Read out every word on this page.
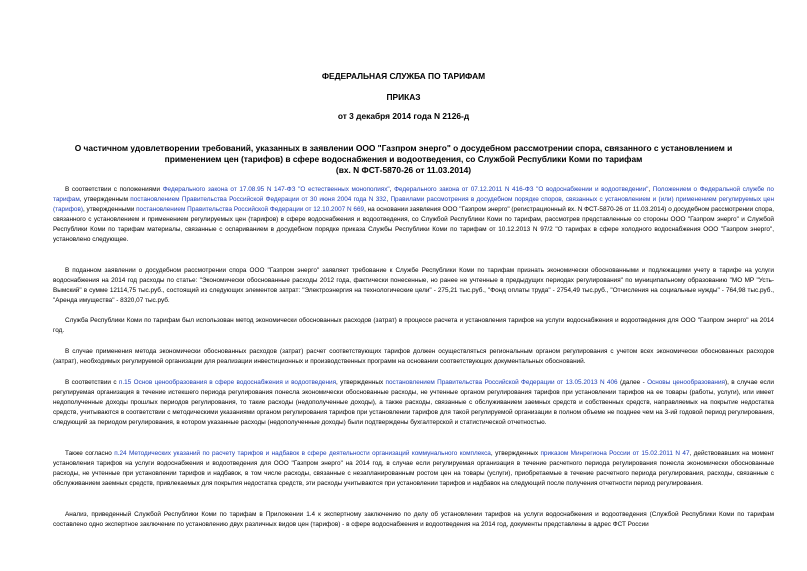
ФЕДЕРАЛЬНАЯ СЛУЖБА ПО ТАРИФАМ
ПРИКАЗ
от 3 декабря 2014 года N 2126-д
О частичном удовлетворении требований, указанных в заявлении ООО "Газпром энерго" о досудебном рассмотрении спора, связанного с установлением и
применением цен (тарифов) в сфере водоснабжения и водоотведения, со Службой Республики Коми по тарифам
(вх. N ФСТ-5870-26 от 11.03.2014)
В соответствии с положениями Федерального закона от 17.08.95 N 147-ФЗ "О естественных монополиях", Федерального закона от 07.12.2011 N 416-ФЗ "О водоснабжении и водоотведении", Положением о Федеральной службе по тарифам, утвержденным постановлением Правительства Российской Федерации от 30 июня 2004 года N 332, Правилами рассмотрения в досудебном порядке споров, связанных с установлением и (или) применением регулируемых цен (тарифов), утвержденными постановлением Правительства Российской Федерации от 12.10.2007 N 669, на основании заявления ООО "Газпром энерго" (регистрационный вх. N ФСТ-5870-26 от 11.03.2014) о досудебном рассмотрении спора, связанного с установлением и применением регулируемых цен (тарифов) в сфере водоснабжения и водоотведения, со Службой Республики Коми по тарифам, рассмотрев представленные со стороны ООО "Газпром энерго" и Службой Республики Коми по тарифам материалы, связанные с оспариванием в досудебном порядке приказа Службы Республики Коми по тарифам от 10.12.2013 N 97/2 "О тарифах в сфере холодного водоснабжения ООО "Газпром энерго", установлено следующее.
В поданном заявлении о досудебном рассмотрении спора ООО "Газпром энерго" заявляет требование к Службе Республики Коми по тарифам признать экономически обоснованными и подлежащими учету в тарифе на услуги водоснабжения на 2014 год расходы по статье: "Экономически обоснованные расходы 2012 года, фактически понесенные, но ранее не учтенные в предыдущих периодах регулирования" по муниципальному образованию "МО МР "Усть-Вымский" в сумме 12114,75 тыс.руб., состоящий из следующих элементов затрат: "Электроэнергия на технологические цели" - 275,21 тыс.руб., "Фонд оплаты труда" - 2754,49 тыс.руб., "Отчисления на социальные нужды" - 764,98 тыс.руб., "Аренда имущества" - 8320,07 тыс.руб.
Служба Республики Коми по тарифам был использован метод экономически обоснованных расходов (затрат) в процессе расчета и установления тарифов на услуги водоснабжения и водоотведения для ООО "Газпром энерго" на 2014 год.
В случае применения метода экономически обоснованных расходов (затрат) расчет соответствующих тарифов должен осуществляться региональным органом регулирования с учетом всех экономически обоснованных расходов (затрат), необходимых регулируемой организации для реализации инвестиционных и производственных программ на основании соответствующих документальных обоснований.
В соответствии с п.15 Основ ценообразования в сфере водоснабжения и водоотведения, утвержденных постановлением Правительства Российской Федерации от 13.05.2013 N 406 (далее - Основы ценообразования), в случае если регулируемая организация в течение истекшего периода регулирования понесла экономически обоснованные расходы, не учтенные органом регулирования тарифов при установлении тарифов на ее товары (работы, услуги), или имеет недополученные доходы прошлых периодов регулирования, то такие расходы (недополученные доходы), а также расходы, связанные с обслуживанием заемных средств и собственных средств, направляемых на покрытие недостатка средств, учитываются в соответствии с методическими указаниями органом регулирования тарифов при установлении тарифов для такой регулируемой организации в полном объеме не позднее чем на 3-ий годовой период регулирования, следующий за периодом регулирования, в котором указанные расходы (недополученные доходы) были подтверждены бухгалтерской и статистической отчетностью.
Также согласно п.24 Методических указаний по расчету тарифов и надбавок в сфере деятельности организаций коммунального комплекса, утвержденных приказом Минрегиона России от 15.02.2011 N 47, действовавших на момент установления тарифов на услуги водоснабжения и водоотведения для ООО "Газпром энерго" на 2014 год, в случае если регулируемая организация в течение расчетного периода регулирования понесла экономически обоснованные расходы, не учтенные при установлении тарифов и надбавок, в том числе расходы, связанные с незапланированным ростом цен на товары (услуги), приобретаемые в течение расчетного периода регулирования, расходы, связанные с обслуживанием заемных средств, привлекаемых для покрытия недостатка средств, эти расходы учитываются при установлении тарифов и надбавок на следующий после получения отчетности период регулирования.
Анализ, приведенный Службой Республики Коми по тарифам в Приложении 1.4 к экспертному заключению по делу об установлении тарифов на услуги водоснабжения и водоотведения (Службой Республики Коми по тарифам составлено одно экспертное заключение по установлению двух различных видов цен (тарифов) - в сфере водоснабжения и водоотведения на 2014 год, документы представлены в адрес ФСТ России
